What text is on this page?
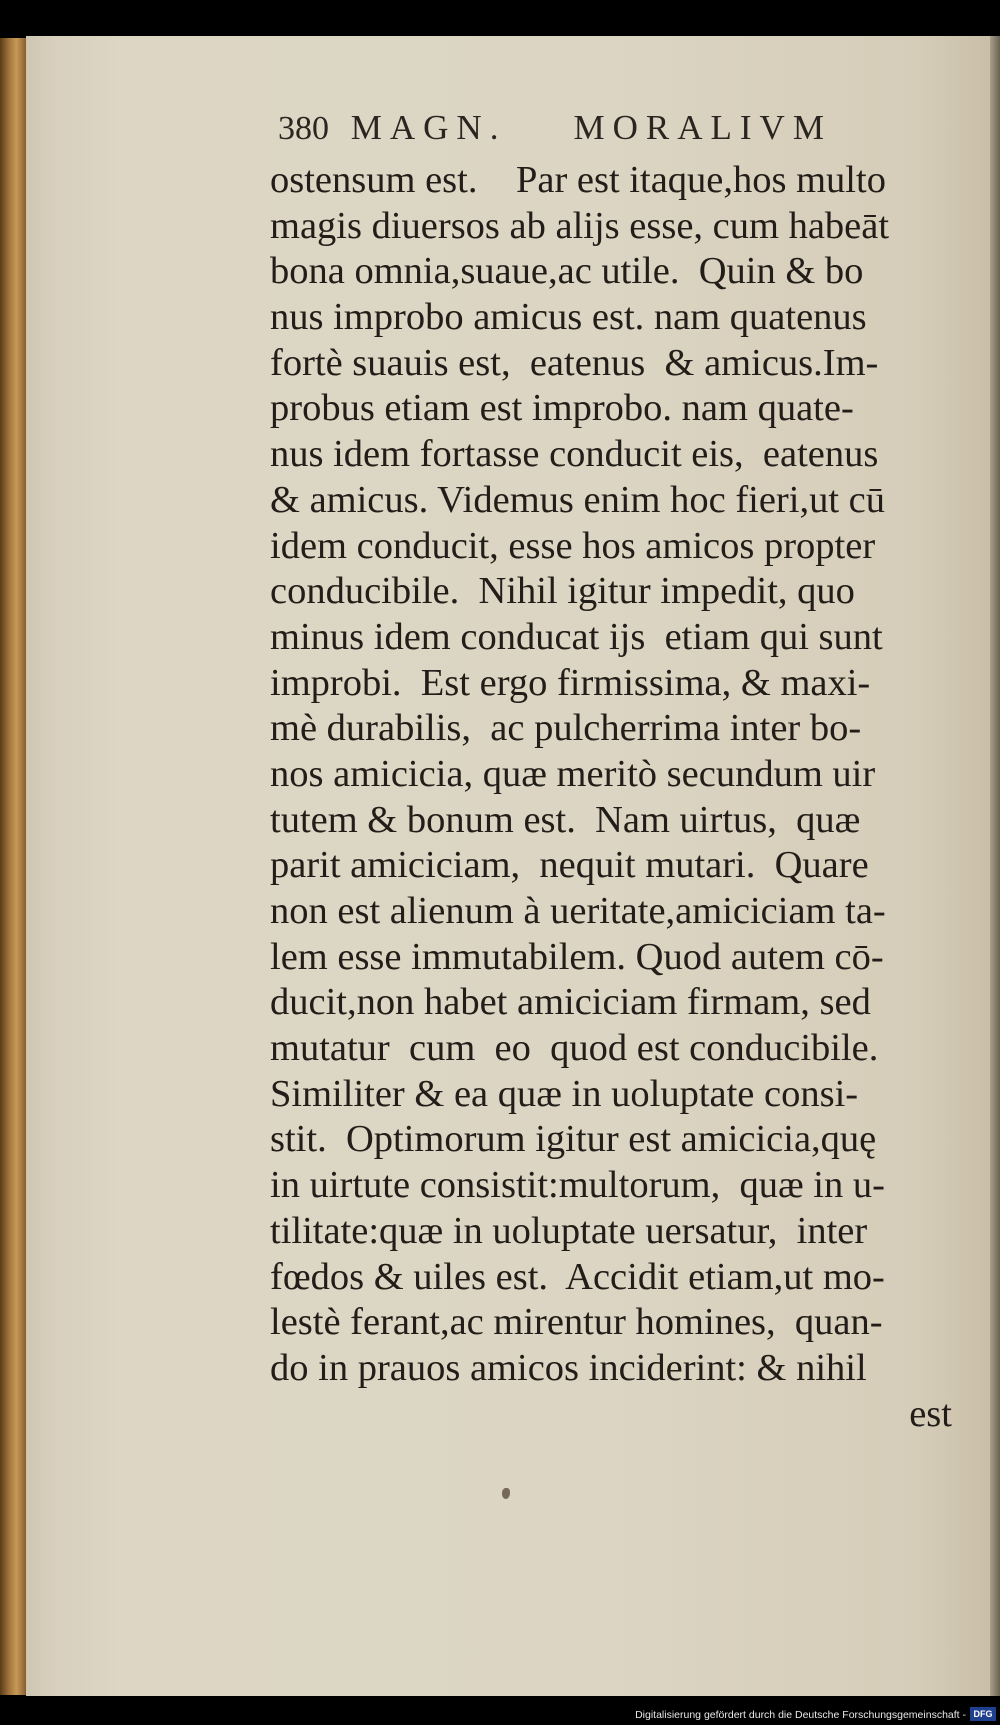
380 MAGN. MORALIVM
ostensum est.    Par est itaque,hos multo
magis diuersos ab alijs esse, cum habeāt
bona omnia,suaue,ac utile.  Quin & bo
nus improbo amicus est. nam quatenus
fortè suauis est,  eatenus  & amicus.Im-
probus etiam est improbo. nam quate-
nus idem fortasse conducit eis,  eatenus
& amicus. Videmus enim hoc fieri,ut cū
idem conducit, esse hos amicos propter
conducibile.  Nihil igitur impedit, quo
minus idem conducat ijs  etiam qui sunt
improbi.  Est ergo firmissima, & maxi-
mè durabilis,  ac pulcherrima inter bo-
nos amicicia, quæ meritò secundum uir
tutem & bonum est.  Nam uirtus,  quæ
parit amiciciam,  nequit mutari.  Quare
non est alienum à ueritate,amiciciam ta-
lem esse immutabilem. Quod autem cō-
ducit,non habet amiciciam firmam, sed
mutatur  cum  eo  quod est conducibile.
Similiter & ea quæ in uoluptate consi-
stit.  Optimorum igitur est amicicia,quę
in uirtute consistit:multorum,  quæ in u-
tilitate:quæ in uoluptate uersatur,  inter
fœdos & uiles est.  Accidit etiam,ut mo-
lestè ferant,ac mirentur homines,  quan-
do in prauos amicos inciderint: & nihil
est
Digitalisierung gefördert durch die Deutsche Forschungsgemeinschaft - DFG
